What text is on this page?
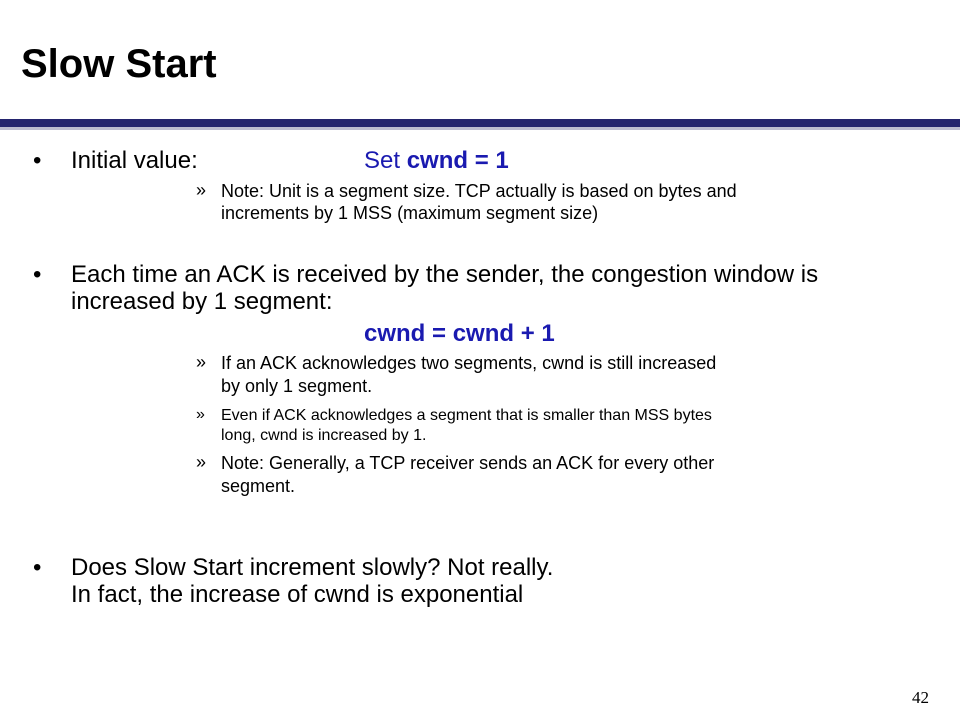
Slow Start
• Initial value:	Set cwnd = 1
» Note: Unit is a segment size. TCP actually is based on bytes and
increments by 1 MSS (maximum segment size)
• Each time an ACK is received by the sender, the congestion window is
increased by 1 segment:
cwnd = cwnd + 1
» If an ACK acknowledges two segments, cwnd is still increased
by only 1 segment.
» Even if ACK acknowledges a segment that is smaller than MSS bytes
long, cwnd is increased by 1.
» Note: Generally, a TCP receiver sends an ACK for every other
segment.
• Does Slow Start increment slowly? Not really.
In fact, the increase of cwnd is exponential
42
